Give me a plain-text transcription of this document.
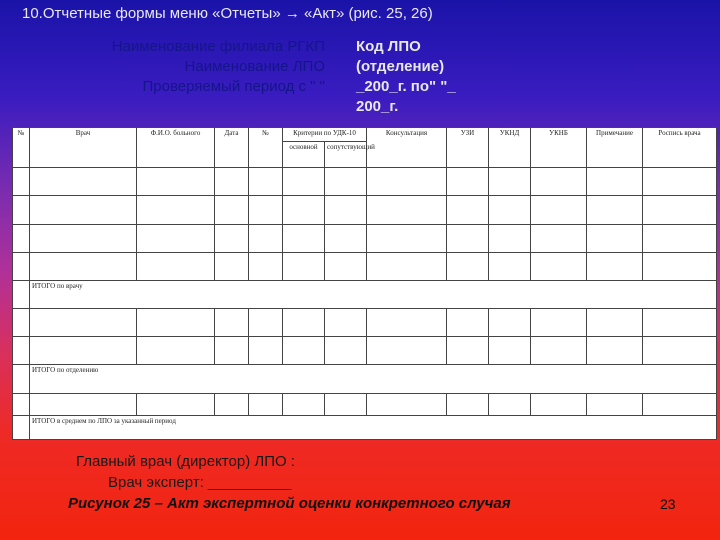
10.Отчетные формы меню «Отчеты» → «Акт» (рис. 25, 26)
Наименование филиала РГКП
Наименование ЛПО
Проверяемый период с " "
Код ЛПО
(отделение)
_200_г. по" "_
200_г.
№	Врач	Ф.И.О. больного	Дата	№	Критерии по УДК-10		Консультация	УЗИ	УКНД	УКНБ	Примечание	Роспись врача
					основной	сопутствующий						

	ИТОГО по врачу											

	ИТОГО по отделению											

	ИТОГО в среднем по ЛПО за указанный период											
Главный врач (директор) ЛПО :
Врач эксперт: __________
Рисунок 25 – Акт экспертной оценки конкретного случая	23
